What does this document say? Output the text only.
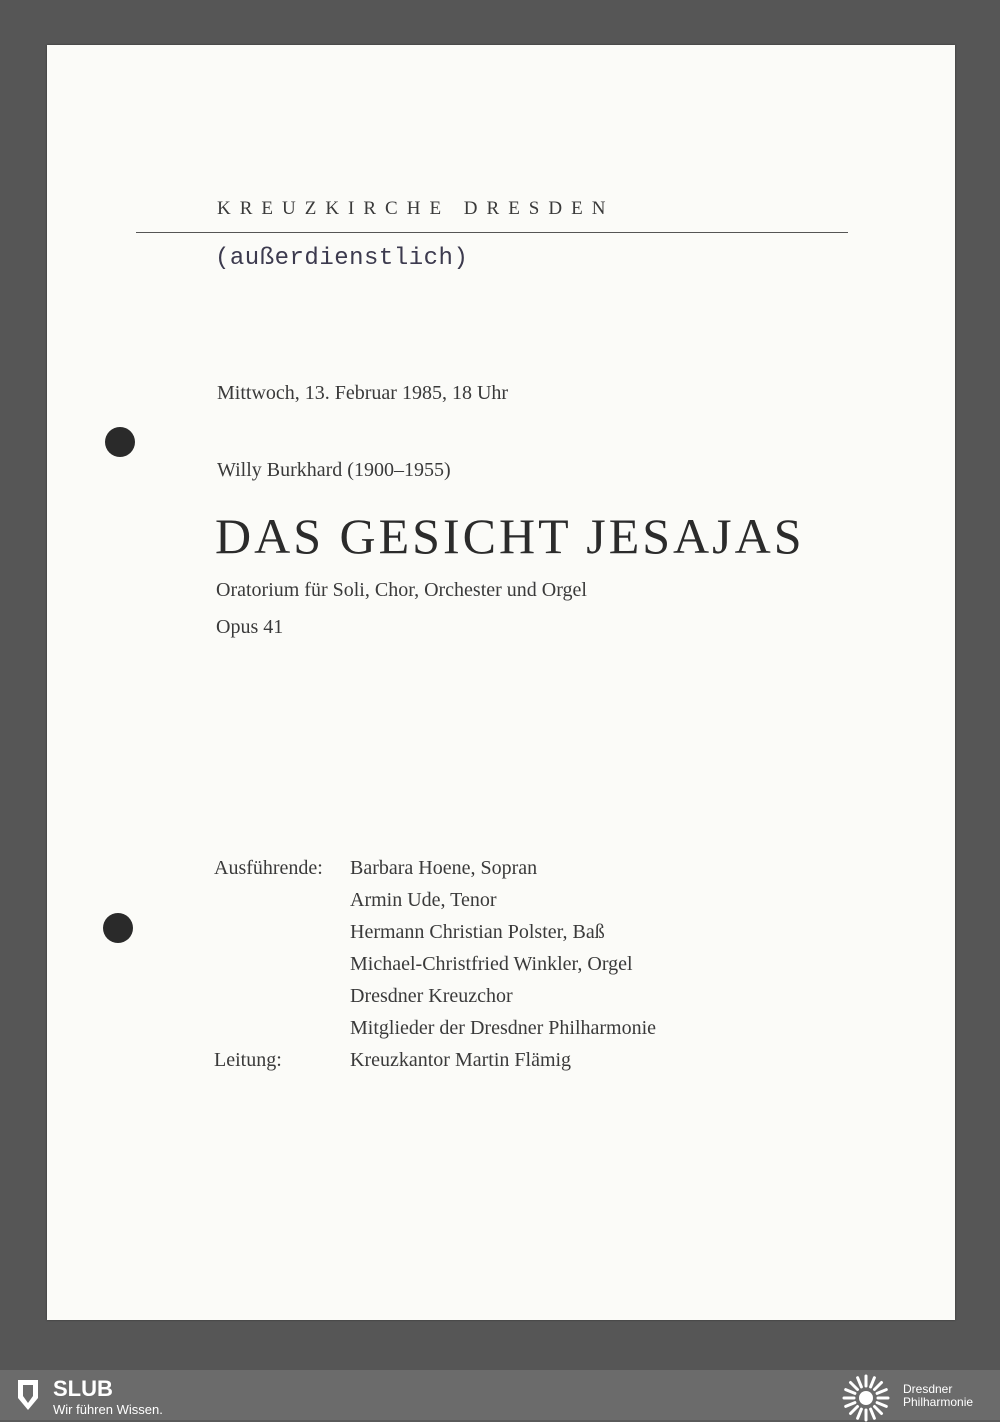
KREUZKIRCHE DRESDEN
(außerdienstlich)
Mittwoch, 13. Februar 1985, 18 Uhr
Willy Burkhard (1900–1955)
DAS GESICHT JESAJAS
Oratorium für Soli, Chor, Orchester und Orgel
Opus 41
Ausführende: Barbara Hoene, Sopran
Armin Ude, Tenor
Hermann Christian Polster, Baß
Michael-Christfried Winkler, Orgel
Dresdner Kreuzchor
Mitglieder der Dresdner Philharmonie
Leitung:	Kreuzkantor Martin Flämig
SLUB
Wir führen Wissen.
Dresdner
Philharmonie
